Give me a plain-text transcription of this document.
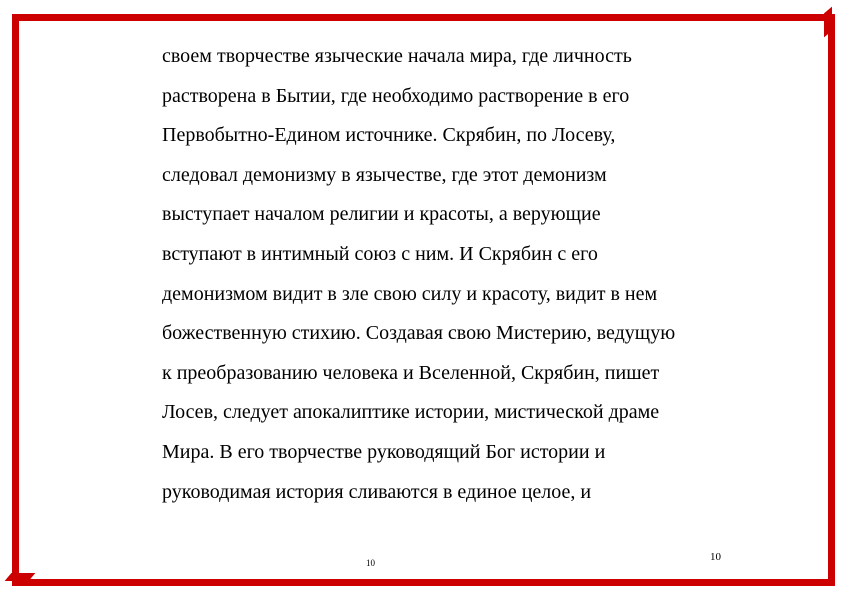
своем творчестве языческие начала мира, где личность
растворена в Бытии, где необходимо растворение в его
Первобытно-Едином источнике. Скрябин, по Лосеву,
следовал демонизму в язычестве, где этот демонизм
выступает началом религии и красоты, а верующие
вступают в интимный союз с ним. И Скрябин с его
демонизмом видит в зле свою силу и красоту, видит в нем
божественную стихию. Создавая свою Мистерию, ведущую
к преобразованию человека и Вселенной, Скрябин, пишет
Лосев, следует апокалиптике истории, мистической драме
Мира. В его творчестве руководящий Бог истории и
руководимая история сливаются в единое целое, и
10	10
